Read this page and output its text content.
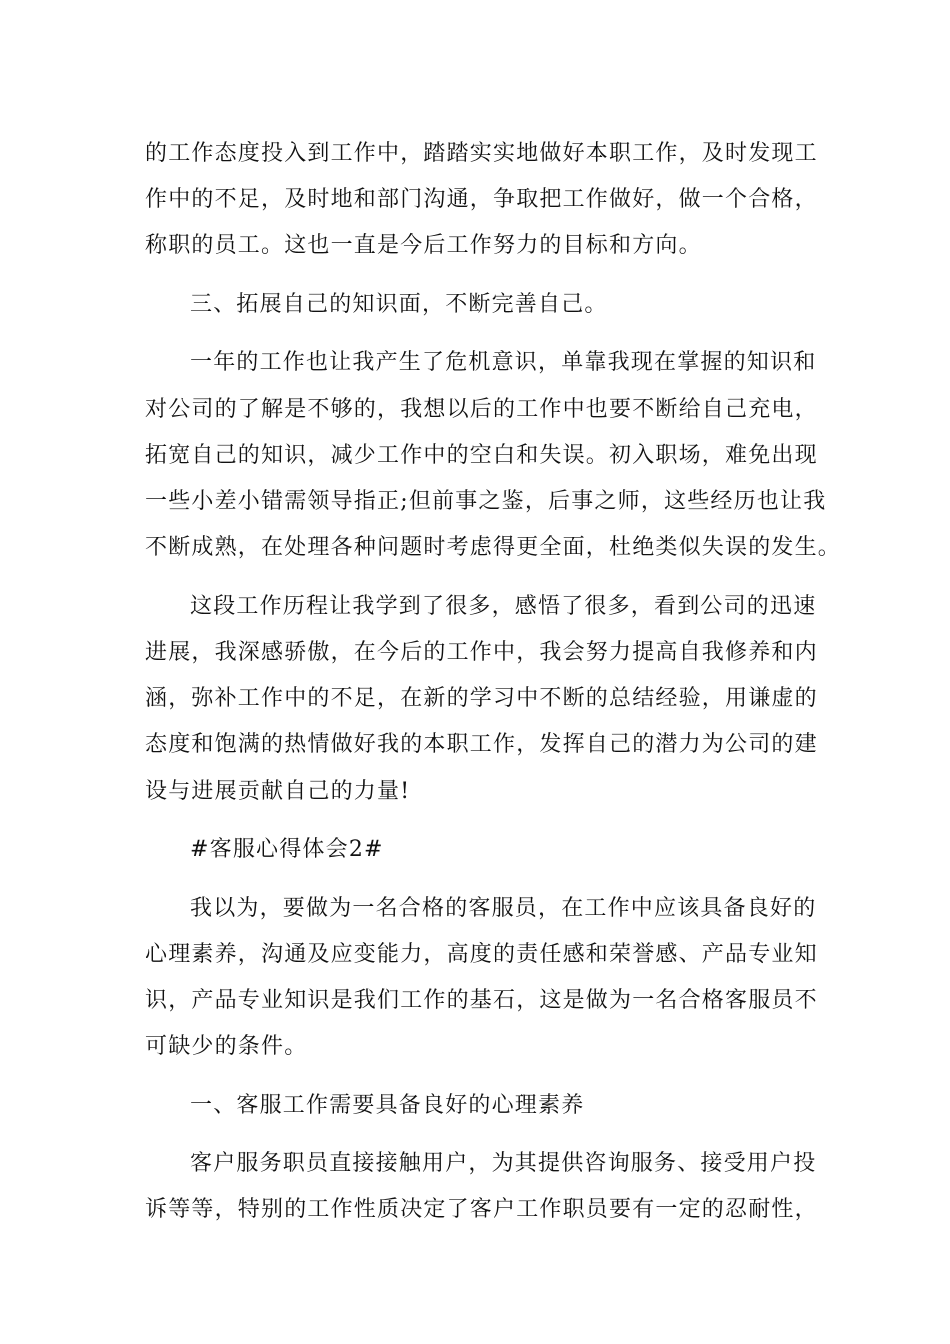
的工作态度投入到工作中，踏踏实实地做好本职工作，及时发现工
作中的不足，及时地和部门沟通，争取把工作做好，做一个合格，
称职的员工。这也一直是今后工作努力的目标和方向。

三、拓展自己的知识面，不断完善自己。

一年的工作也让我产生了危机意识，单靠我现在掌握的知识和
对公司的了解是不够的，我想以后的工作中也要不断给自己充电，
拓宽自己的知识，减少工作中的空白和失误。初入职场，难免出现
一些小差小错需领导指正;但前事之鉴，后事之师，这些经历也让我
不断成熟，在处理各种问题时考虑得更全面，杜绝类似失误的发生。

这段工作历程让我学到了很多，感悟了很多，看到公司的迅速
进展，我深感骄傲，在今后的工作中，我会努力提高自我修养和内
涵，弥补工作中的不足，在新的学习中不断的总结经验，用谦虚的
态度和饱满的热情做好我的本职工作，发挥自己的潜力为公司的建
设与进展贡献自己的力量!

#客服心得体会2#

我以为，要做为一名合格的客服员，在工作中应该具备良好的
心理素养，沟通及应变能力，高度的责任感和荣誉感、产品专业知
识，产品专业知识是我们工作的基石，这是做为一名合格客服员不
可缺少的条件。

一、客服工作需要具备良好的心理素养

客户服务职员直接接触用户，为其提供咨询服务、接受用户投
诉等等，特别的工作性质决定了客户工作职员要有一定的忍耐性，
